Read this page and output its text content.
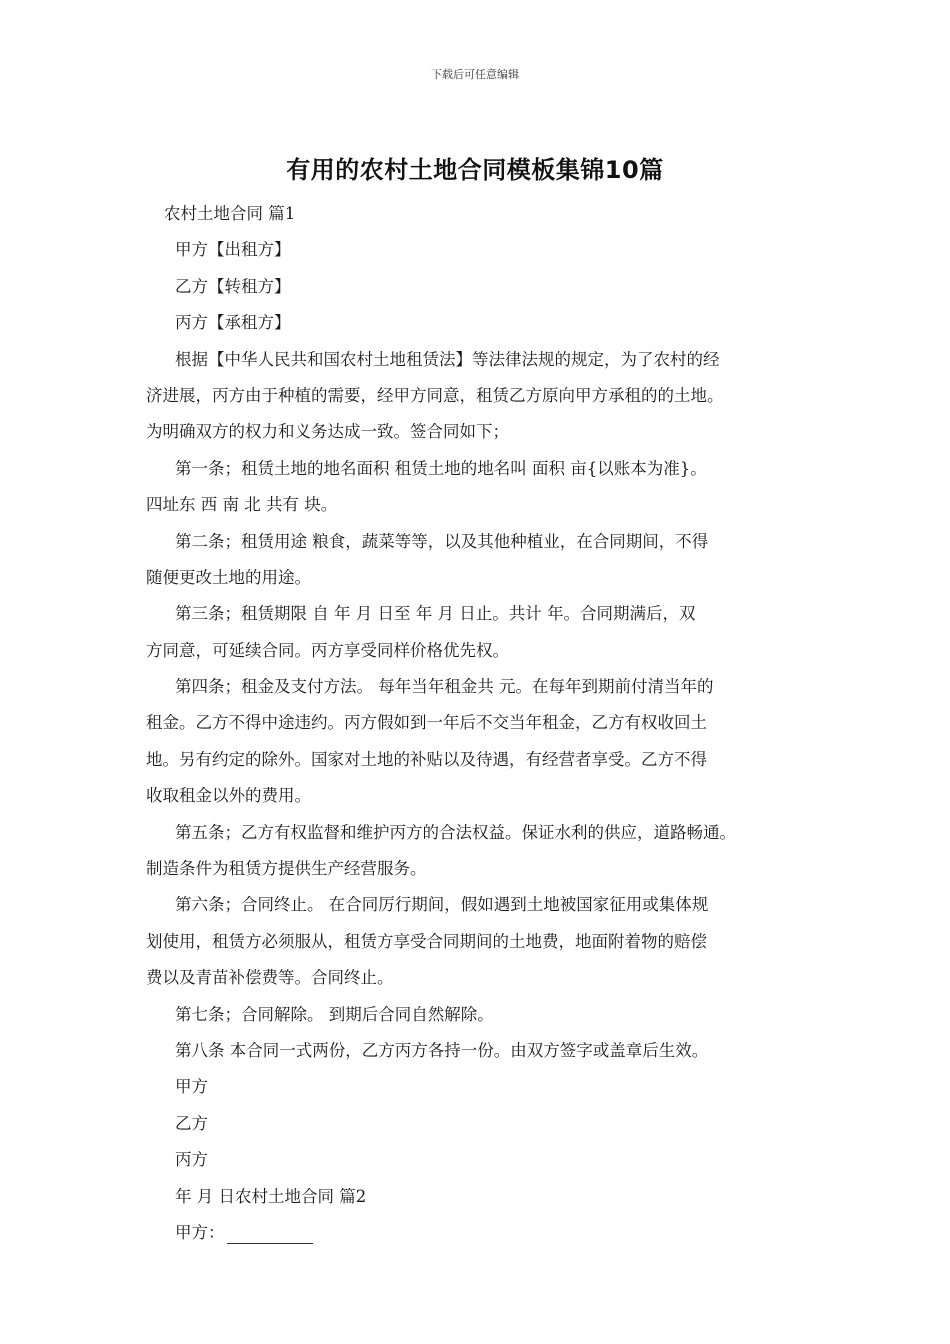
下载后可任意编辑
有用的农村土地合同模板集锦10篇
农村土地合同 篇1
甲方【出租方】
乙方【转租方】
丙方【承租方】
根据【中华人民共和国农村土地租赁法】等法律法规的规定，为了农村的经
济进展，丙方由于种植的需要，经甲方同意，租赁乙方原向甲方承租的的土地。
为明确双方的权力和义务达成一致。签合同如下；
第一条；租赁土地的地名面积 租赁土地的地名叫 面积 亩{以账本为准}。
四址东 西 南 北 共有 块。
第二条；租赁用途 粮食，蔬菜等等，以及其他种植业，在合同期间，不得
随便更改土地的用途。
第三条；租赁期限 自 年 月 日至 年 月 日止。共计 年。合同期满后，双
方同意，可延续合同。丙方享受同样价格优先权。
第四条；租金及支付方法。 每年当年租金共 元。在每年到期前付清当年的
租金。乙方不得中途违约。丙方假如到一年后不交当年租金，乙方有权收回土
地。另有约定的除外。国家对土地的补贴以及待遇，有经营者享受。乙方不得
收取租金以外的费用。
第五条；乙方有权监督和维护丙方的合法权益。保证水利的供应，道路畅通。
制造条件为租赁方提供生产经营服务。
第六条；合同终止。 在合同厉行期间，假如遇到土地被国家征用或集体规
划使用，租赁方必须服从，租赁方享受合同期间的土地费，地面附着物的赔偿
费以及青苗补偿费等。合同终止。
第七条；合同解除。 到期后合同自然解除。
第八条 本合同一式两份，乙方丙方各持一份。由双方签字或盖章后生效。
甲方
乙方
丙方
年 月 日农村土地合同 篇2
甲方：
